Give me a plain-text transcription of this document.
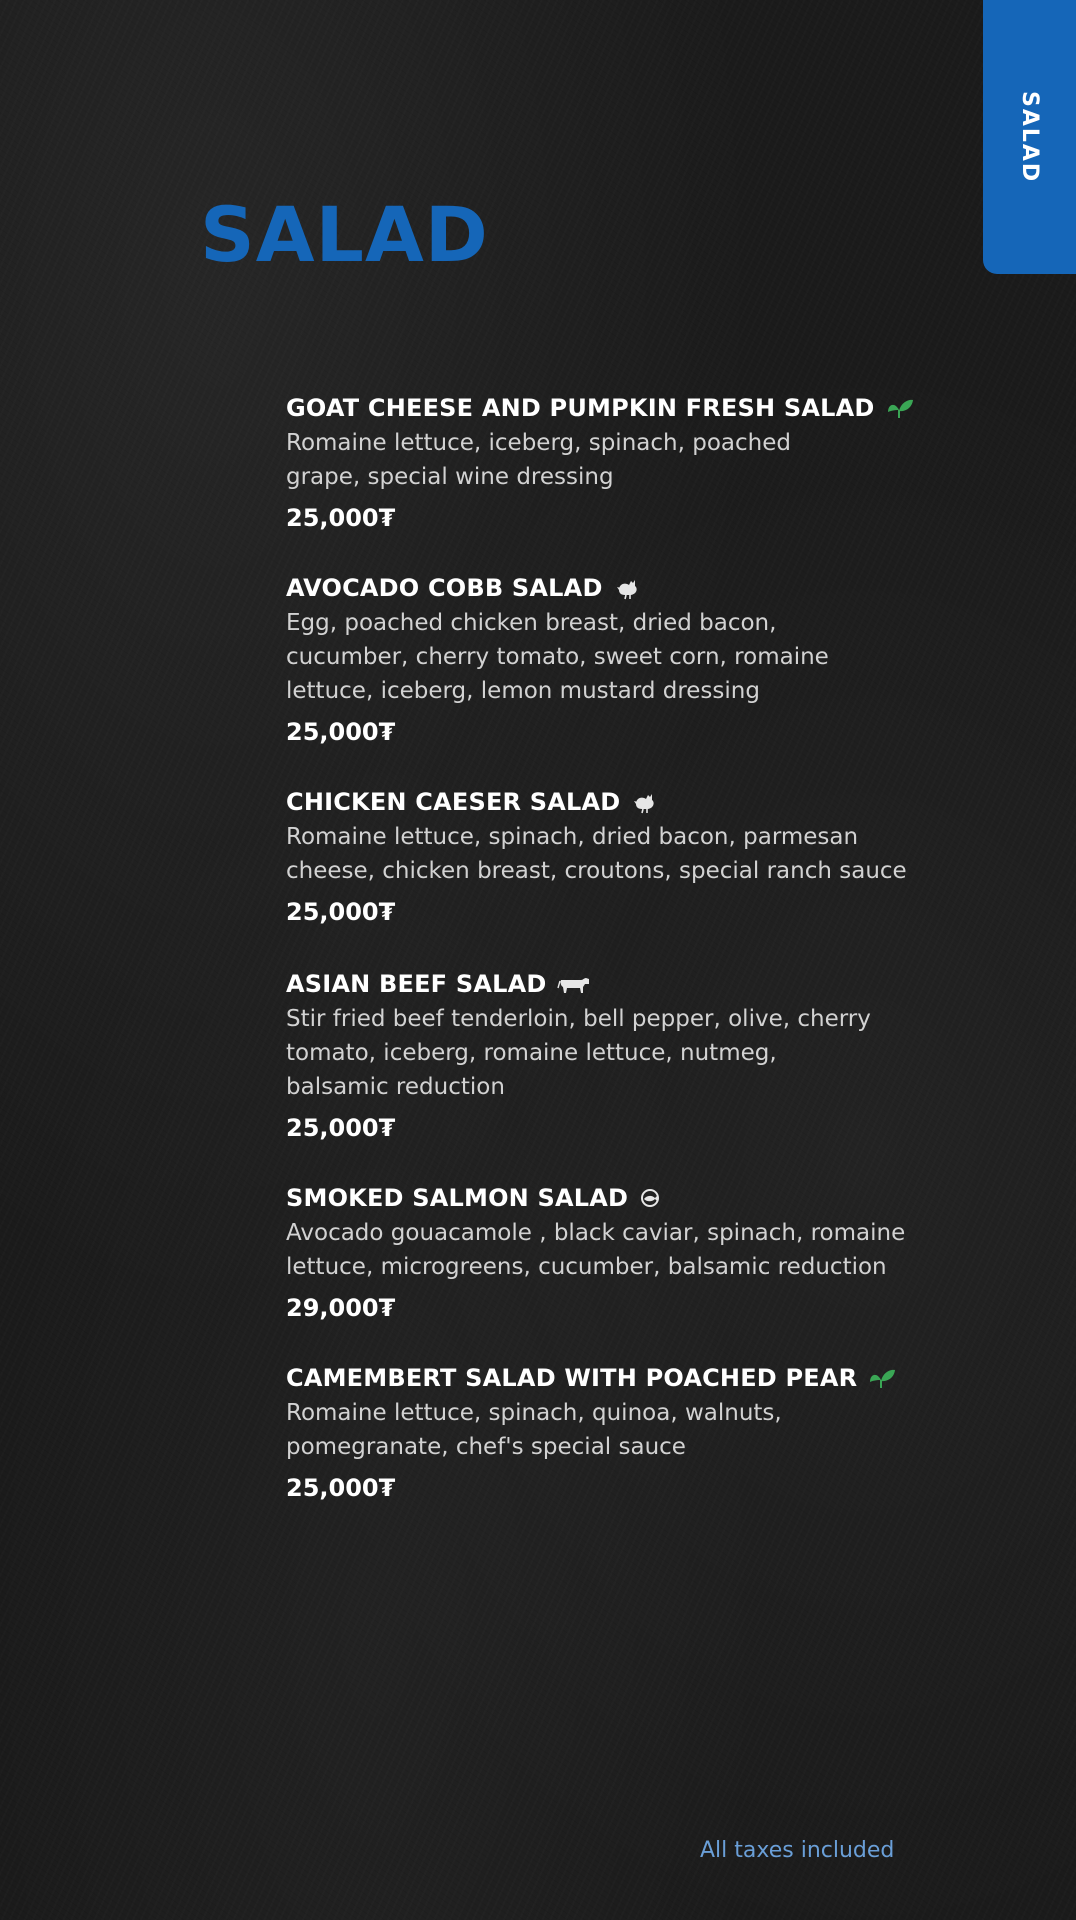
SALAD
SALAD
GOAT CHEESE AND PUMPKIN FRESH SALAD
Romaine lettuce, iceberg, spinach, poached
grape, special wine dressing
25,000₮
AVOCADO COBB SALAD
Egg, poached chicken breast, dried bacon,
cucumber, cherry tomato, sweet corn, romaine
lettuce, iceberg, lemon mustard dressing
25,000₮
CHICKEN CAESER SALAD
Romaine lettuce, spinach, dried bacon, parmesan
cheese, chicken breast, croutons, special ranch sauce
25,000₮
ASIAN BEEF SALAD
Stir fried beef tenderloin, bell pepper, olive, cherry
tomato, iceberg, romaine lettuce, nutmeg,
balsamic reduction
25,000₮
SMOKED SALMON SALAD
Avocado gouacamole , black caviar, spinach, romaine
lettuce, microgreens, cucumber, balsamic reduction
29,000₮
CAMEMBERT SALAD WITH POACHED PEAR
Romaine lettuce, spinach, quinoa, walnuts,
pomegranate, chef's special sauce
25,000₮
All taxes included
